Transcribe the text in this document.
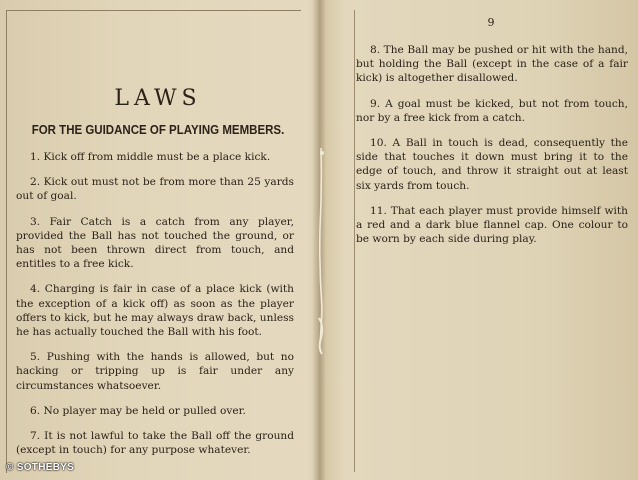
LAWS
FOR THE GUIDANCE OF PLAYING MEMBERS.

1. Kick off from middle must be a place kick.

2. Kick out must not be from more than 25 yards out of goal.

3. Fair Catch is a catch from any player, provided the Ball has not touched the ground, or has not been thrown direct from touch, and entitles to a free kick.

4. Charging is fair in case of a place kick (with the exception of a kick off) as soon as the player offers to kick, but he may always draw back, unless he has actually touched the Ball with his foot.

5. Pushing with the hands is allowed, but no hacking or tripping up is fair under any circumstances whatsoever.

6. No player may be held or pulled over.

7. It is not lawful to take the Ball off the ground (except in touch) for any purpose whatever.

9

8. The Ball may be pushed or hit with the hand, but holding the Ball (except in the case of a fair kick) is altogether disallowed.

9. A goal must be kicked, but not from touch, nor by a free kick from a catch.

10. A Ball in touch is dead, consequently the side that touches it down must bring it to the edge of touch, and throw it straight out at least six yards from touch.

11. That each player must provide himself with a red and a dark blue flannel cap. One colour to be worn by each side during play.

© SOTHEBYS
